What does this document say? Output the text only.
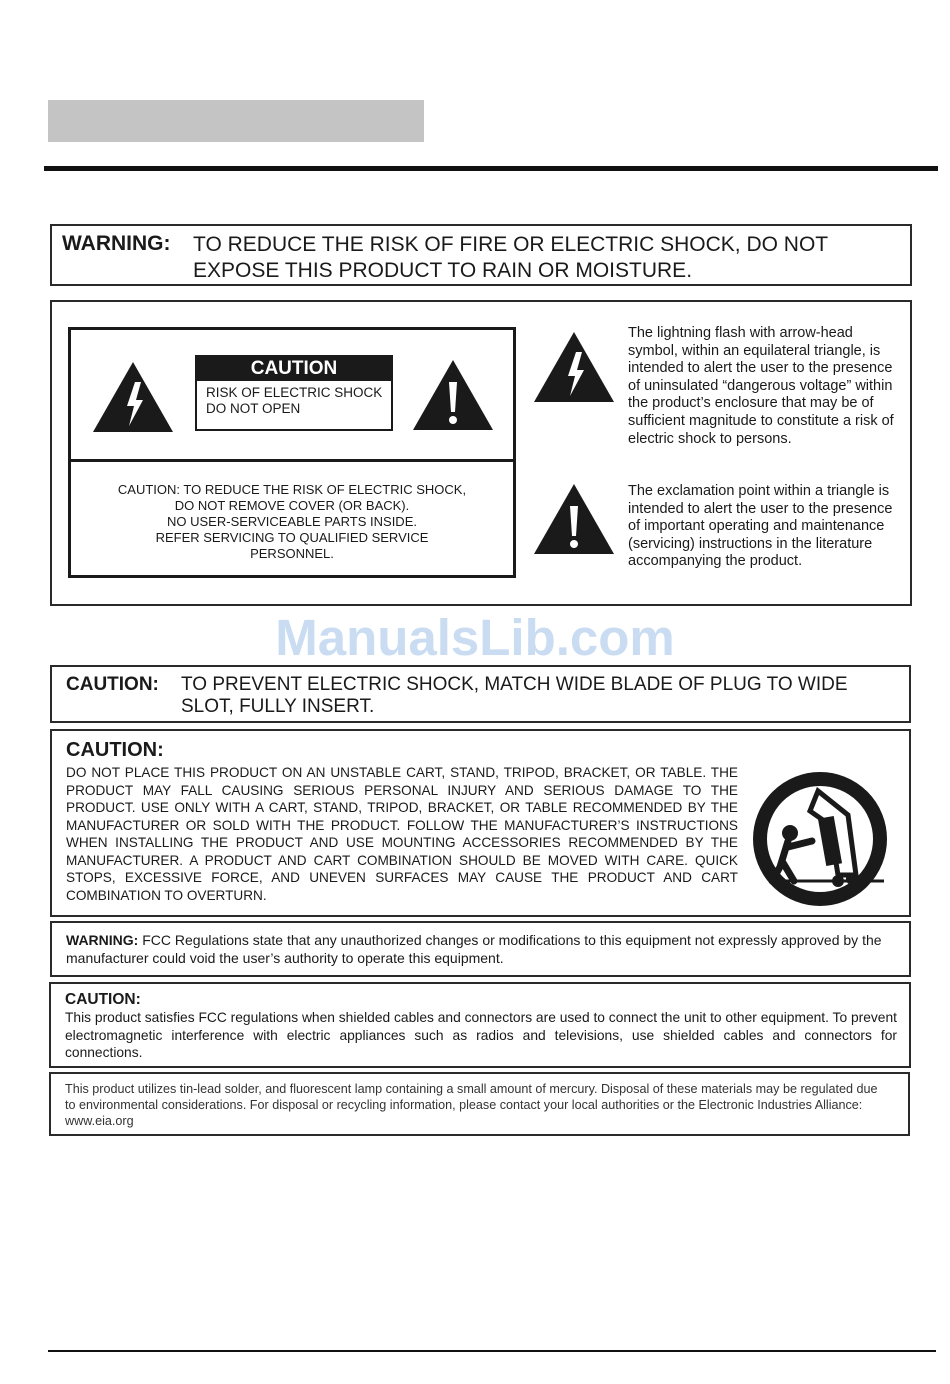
WARNING: TO REDUCE THE RISK OF FIRE OR ELECTRIC SHOCK, DO NOT EXPOSE THIS PRODUCT TO RAIN OR MOISTURE.
CAUTION
RISK OF ELECTRIC SHOCK
DO NOT OPEN
CAUTION: TO REDUCE THE RISK OF ELECTRIC SHOCK,
DO NOT REMOVE COVER (OR BACK).
NO USER-SERVICEABLE PARTS INSIDE.
REFER SERVICING TO QUALIFIED SERVICE
PERSONNEL.
The lightning flash with arrow-head symbol, within an equilateral triangle, is intended to alert the user to the presence of uninsulated “dangerous voltage” within the product’s enclosure that may be of sufficient magnitude to constitute a risk of electric shock to persons.
The exclamation point within a triangle is intended to alert the user to the presence of important operating and maintenance (servicing) instructions in the literature accompanying the product.
ManualsLib.com
CAUTION: TO PREVENT ELECTRIC SHOCK, MATCH WIDE BLADE OF PLUG TO WIDE SLOT, FULLY INSERT.
CAUTION:
DO NOT PLACE THIS PRODUCT ON AN UNSTABLE CART, STAND, TRIPOD, BRACKET, OR TABLE. THE PRODUCT MAY FALL CAUSING SERIOUS PERSONAL INJURY AND SERIOUS DAMAGE TO THE PRODUCT. USE ONLY WITH A CART, STAND, TRIPOD, BRACKET, OR TABLE RECOMMENDED BY THE MANUFACTURER OR SOLD WITH THE PRODUCT. FOLLOW THE MANUFACTURER’S INSTRUCTIONS WHEN INSTALLING THE PRODUCT AND USE MOUNTING ACCESSORIES RECOMMENDED BY THE MANUFACTURER. A PRODUCT AND CART COMBINATION SHOULD BE MOVED WITH CARE. QUICK STOPS, EXCESSIVE FORCE, AND UNEVEN SURFACES MAY CAUSE THE PRODUCT AND CART COMBINATION TO OVERTURN.
WARNING: FCC Regulations state that any unauthorized changes or modifications to this equipment not expressly approved by the manufacturer could void the user’s authority to operate this equipment.
CAUTION:
This product satisfies FCC regulations when shielded cables and connectors are used to connect the unit to other equipment. To prevent electromagnetic interference with electric appliances such as radios and televisions, use shielded cables and connectors for connections.
This product utilizes tin-lead solder, and fluorescent lamp containing a small amount of mercury. Disposal of these materials may be regulated due to environmental considerations. For disposal or recycling information, please contact your local authorities or the Electronic Industries Alliance: www.eia.org
